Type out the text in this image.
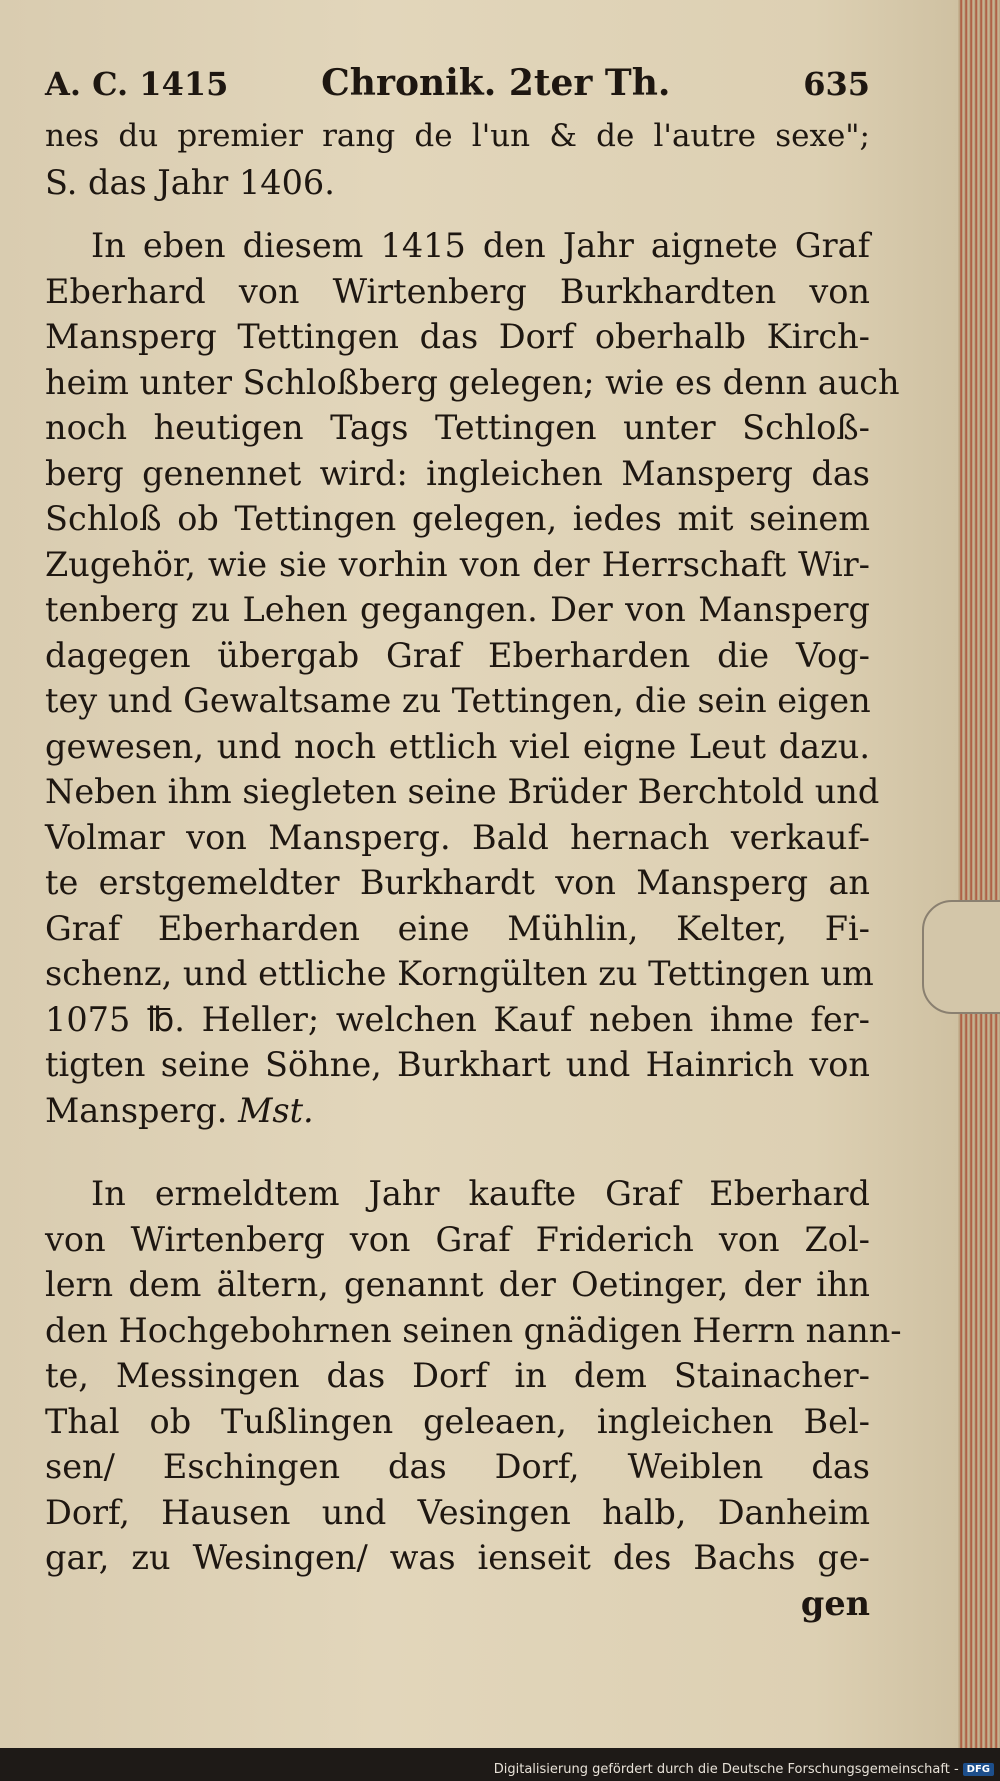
A. C. 1415	Chronik. 2ter Th.	635
nes du premier rang de l'un & de l'autre sexe";
S. das Jahr 1406.
In eben diesem 1415 den Jahr aignete Graf
Eberhard von Wirtenberg Burkhardten von
Mansperg Tettingen das Dorf oberhalb Kirch-
heim unter Schloßberg gelegen; wie es denn auch
noch heutigen Tags Tettingen unter Schloß-
berg genennet wird: ingleichen Mansperg das
Schloß ob Tettingen gelegen, iedes mit seinem
Zugehör, wie sie vorhin von der Herrschaft Wir-
tenberg zu Lehen gegangen. Der von Mansperg
dagegen übergab Graf Eberharden die Vog-
tey und Gewaltsame zu Tettingen, die sein eigen
gewesen, und noch ettlich viel eigne Leut dazu.
Neben ihm siegleten seine Brüder Berchtold und
Volmar von Mansperg. Bald hernach verkauf-
te erstgemeldter Burkhardt von Mansperg an
Graf Eberharden eine Mühlin, Kelter, Fi-
schenz, und ettliche Korngülten zu Tettingen um
1075 ℔. Heller; welchen Kauf neben ihme fer-
tigten seine Söhne, Burkhart und Hainrich von
Mansperg. Mst.
In ermeldtem Jahr kaufte Graf Eberhard
von Wirtenberg von Graf Friderich von Zol-
lern dem ältern, genannt der Oetinger, der ihn
den Hochgebohrnen seinen gnädigen Herrn nann-
te, Messingen das Dorf in dem Stainacher-
Thal ob Tußlingen geleaen, ingleichen Bel-
sen/ Eschingen das Dorf, Weiblen das
Dorf, Hausen und Vesingen halb, Danheim
gar, zu Wesingen/ was ienseit des Bachs ge-
gen
Digitalisierung gefördert durch die Deutsche Forschungsgemeinschaft - DFG
